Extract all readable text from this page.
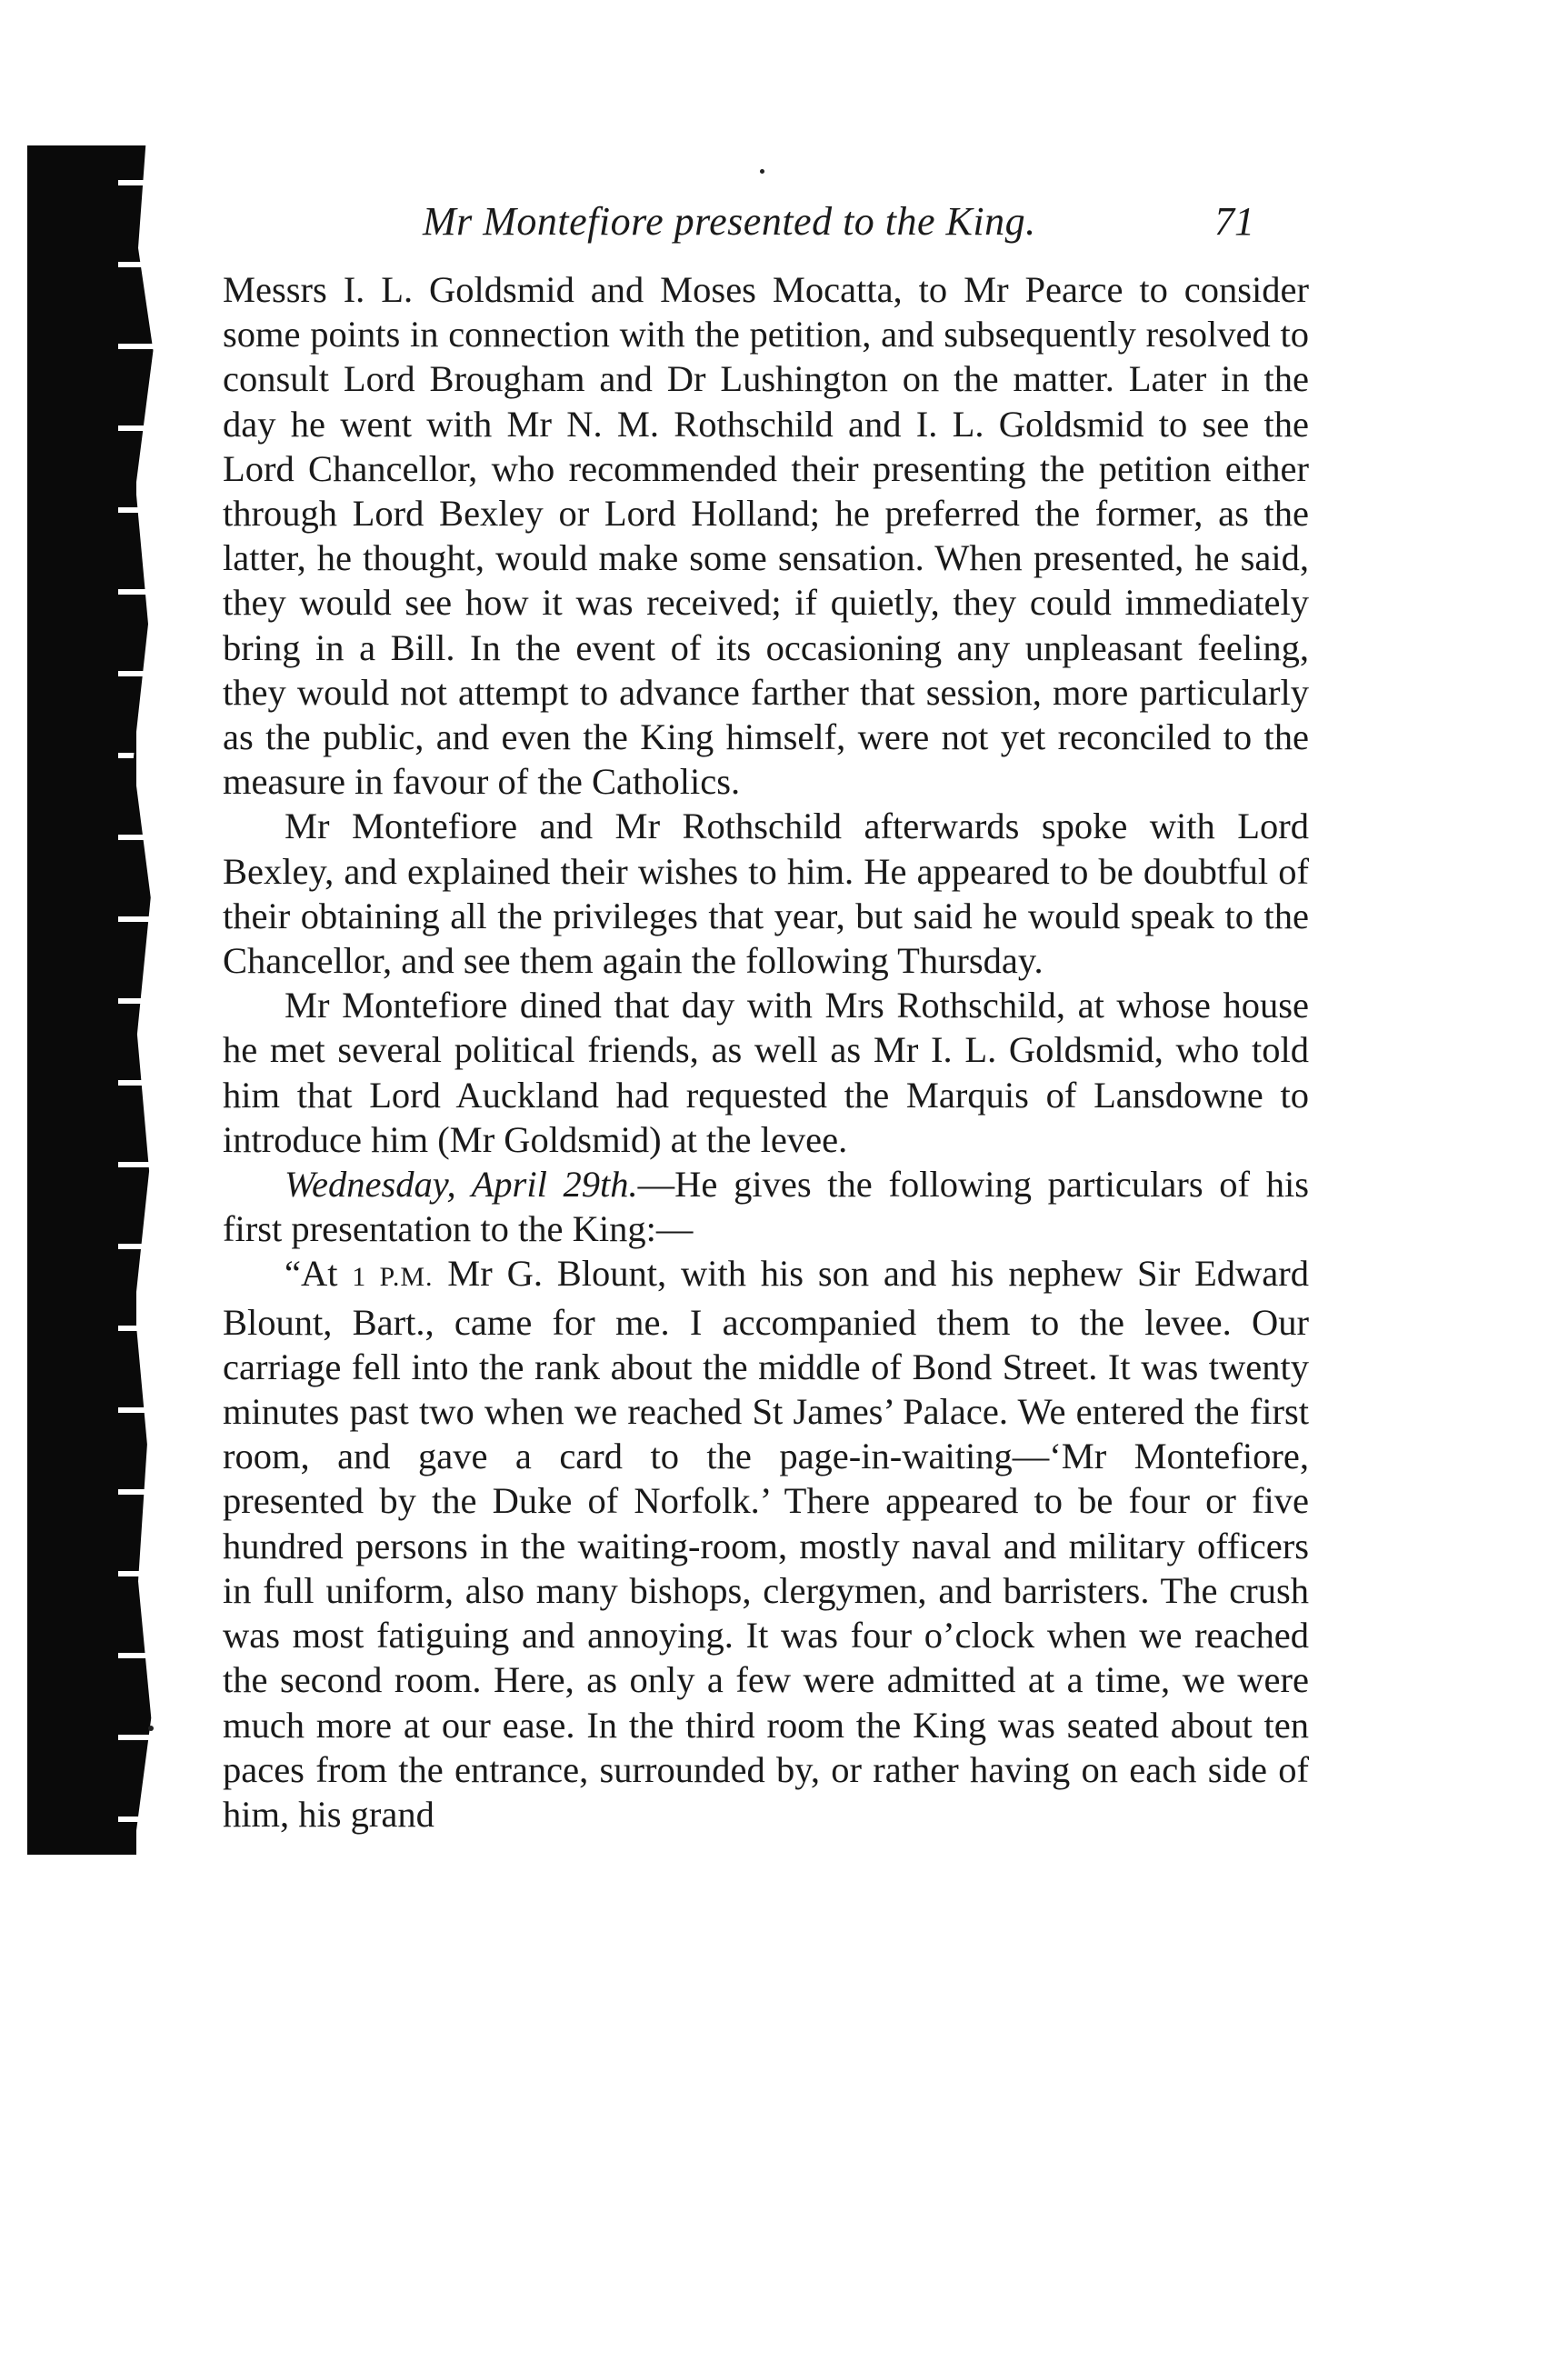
Mr Montefiore presented to the King.	71

Messrs I. L. Goldsmid and Moses Mocatta, to Mr Pearce to consider some points in connection with the petition, and subsequently resolved to consult Lord Brougham and Dr Lushington on the matter. Later in the day he went with Mr N. M. Rothschild and I. L. Goldsmid to see the Lord Chancellor, who recommended their presenting the petition either through Lord Bexley or Lord Holland; he preferred the former, as the latter, he thought, would make some sensation. When presented, he said, they would see how it was received; if quietly, they could immediately bring in a Bill. In the event of its occasioning any unpleasant feeling, they would not attempt to advance farther that session, more particularly as the public, and even the King himself, were not yet reconciled to the measure in favour of the Catholics.

Mr Montefiore and Mr Rothschild afterwards spoke with Lord Bexley, and explained their wishes to him. He appeared to be doubtful of their obtaining all the privileges that year, but said he would speak to the Chancellor, and see them again the following Thursday.

Mr Montefiore dined that day with Mrs Rothschild, at whose house he met several political friends, as well as Mr I. L. Goldsmid, who told him that Lord Auckland had requested the Marquis of Lansdowne to introduce him (Mr Goldsmid) at the levee.

Wednesday, April 29th.—He gives the following particulars of his first presentation to the King:—

“At 1 P.M. Mr G. Blount, with his son and his nephew Sir Edward Blount, Bart., came for me. I accompanied them to the levee. Our carriage fell into the rank about the middle of Bond Street. It was twenty minutes past two when we reached St James’ Palace. We entered the first room, and gave a card to the page-in-waiting—‘Mr Montefiore, presented by the Duke of Norfolk.’ There appeared to be four or five hundred persons in the waiting-room, mostly naval and military officers in full uniform, also many bishops, clergymen, and barristers. The crush was most fatiguing and annoying. It was four o’clock when we reached the second room. Here, as only a few were admitted at a time, we were much more at our ease. In the third room the King was seated about ten paces from the entrance, surrounded by, or rather having on each side of him, his grand
